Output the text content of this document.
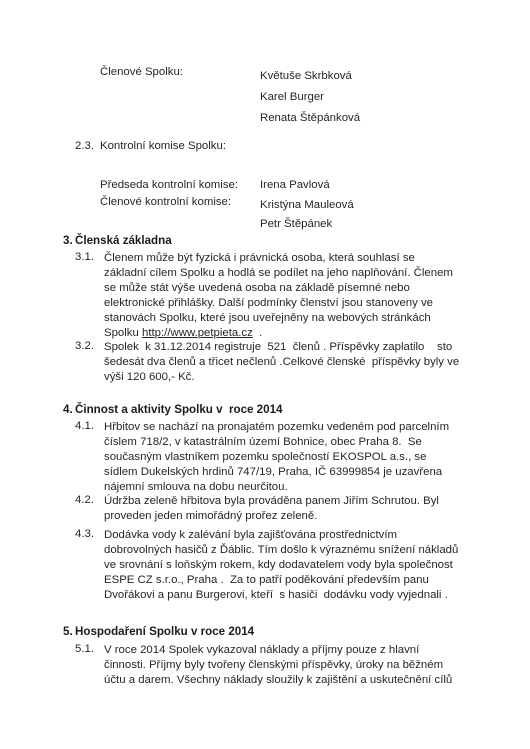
Členové Spolku:	Květuše Skrbková
Karel Burger
Renata Štěpánková
2.3. Kontrolní komise Spolku:
Předseda kontrolní komise: Irena Pavlová
Členové kontrolní komise:	Kristýna Mauleová
Petr Štěpánek
3. Členská základna
3.1. Členem může být fyzická i právnická osoba, která souhlasí se
základní cílem Spolku a hodlá se podílet na jeho naplňování. Členem
se může stát výše uvedená osoba na základě písemné nebo
elektronické přihlášky. Další podmínky členství jsou stanoveny ve
stanovách Spolku, které jsou uveřejněny na webových stránkách
Spolku http://www.petpieta.cz  .
3.2. Spolek  k 31.12.2014 registruje  521  členů . Příspěvky zaplatilo    sto
šedesát dva členů a třicet nečlenů .Celkové členské  příspěvky byly ve
výši 120 600,- Kč.
4. Činnost a aktivity Spolku v  roce 2014
4.1. Hřbitov se nachází na pronajatém pozemku vedeném pod parcelním
číslem 718/2, v katastrálním území Bohnice, obec Praha 8.  Se
současným vlastníkem pozemku společností EKOSPOL a.s., se
sídlem Dukelských hrdinů 747/19, Praha, IČ 63999854 je uzavřena
nájemní smlouva na dobu neurčitou.
4.2. Údržba zeleně hřbitova byla prováděna panem Jiřím Schrutou. Byl
proveden jeden mimořádný prořez zeleně.
4.3. Dodávka vody k zalévání byla zajišťována prostřednictvím
dobrovolných hasičů z Ďáblic. Tím došlo k výraznému snížení nákladů
ve srovnání s loňským rokem, kdy dodavatelem vody byla společnost
ESPE CZ s.r.o., Praha .  Za to patří poděkování především panu
Dvořákovi a panu Burgerovi, kteří  s hasiči  dodávku vody vyjednali .
5. Hospodaření Spolku v roce 2014
5.1. V roce 2014 Spolek vykazoval náklady a příjmy pouze z hlavní
činnosti. Příjmy byly tvořeny členskými příspěvky, úroky na běžném
účtu a darem. Všechny náklady sloužily k zajištění a uskutečnění cílů
